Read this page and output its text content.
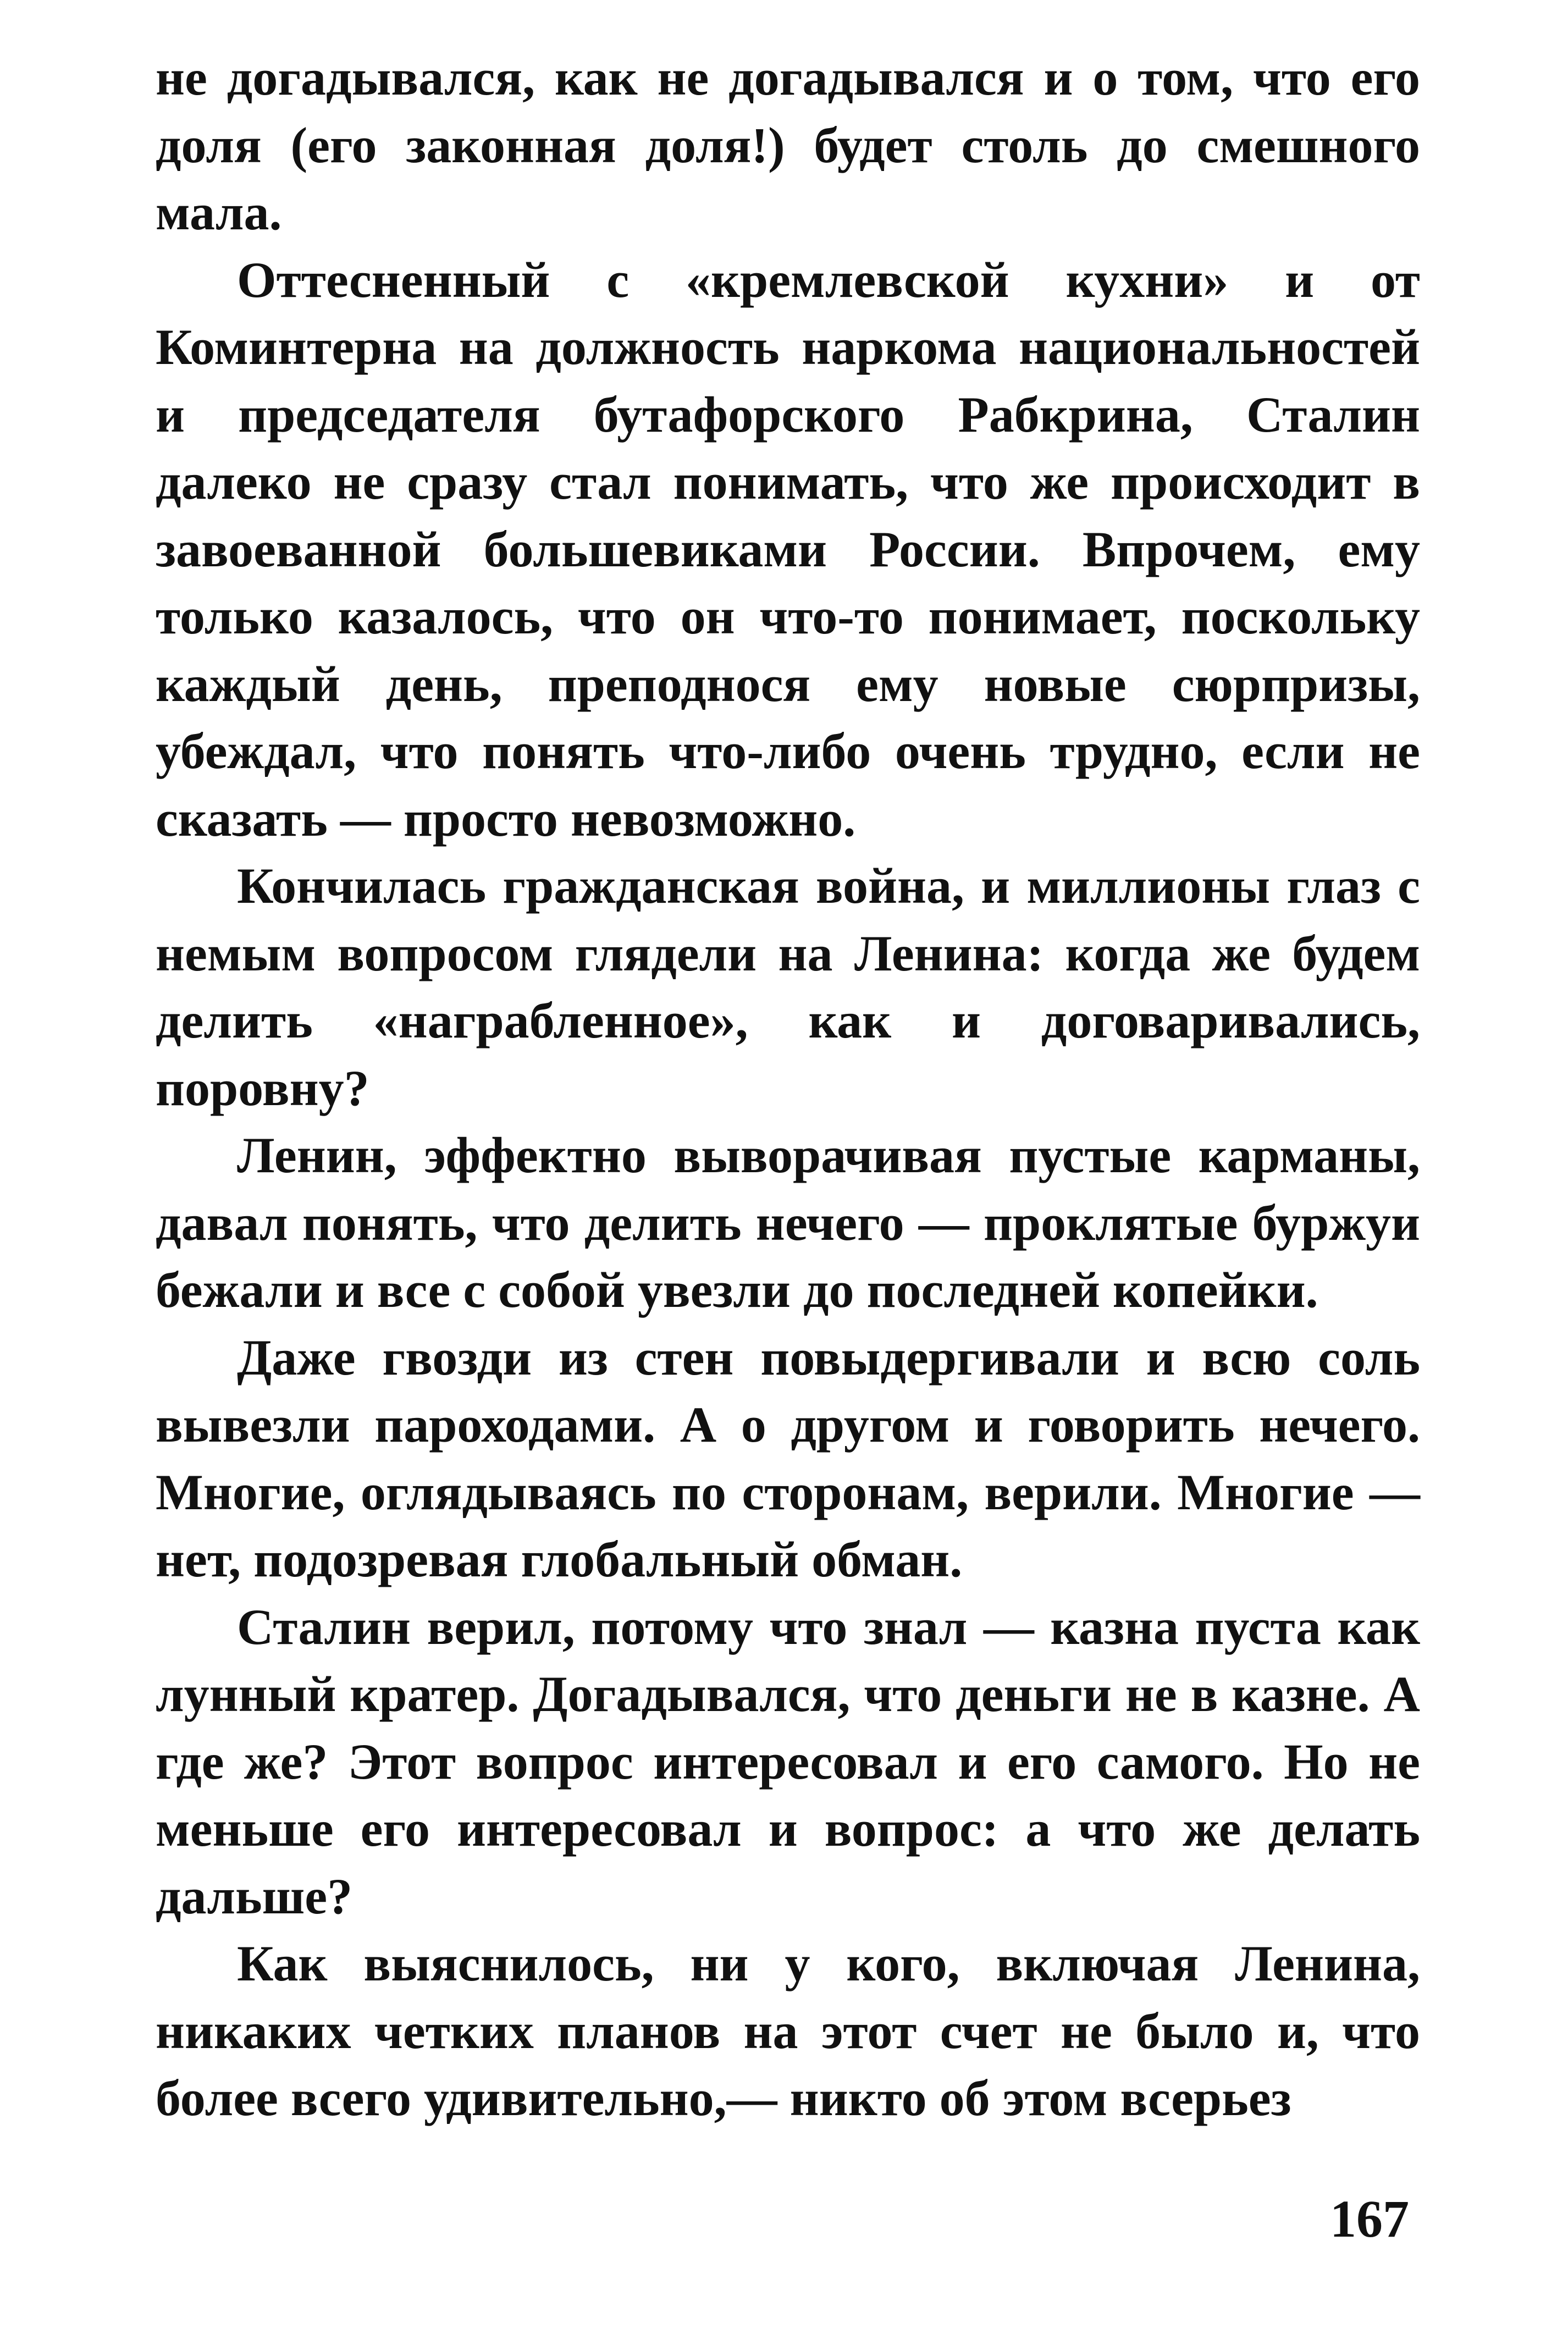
не догадывался, как не догадывался и о том, что его доля (его законная доля!) будет столь до смешного мала.

Оттесненный с «кремлевской кухни» и от Коминтерна на должность наркома национальностей и председателя бутафорского Рабкрина, Сталин далеко не сразу стал понимать, что же происходит в завоеванной большевиками России. Впрочем, ему только казалось, что он что-то понимает, поскольку каждый день, преподнося ему новые сюрпризы, убеждал, что понять что-либо очень трудно, если не сказать — просто невозможно.

Кончилась гражданская война, и миллионы глаз с немым вопросом глядели на Ленина: когда же будем делить «награбленное», как и договаривались, поровну?

Ленин, эффектно выворачивая пустые карманы, давал понять, что делить нечего — проклятые буржуи бежали и все с собой увезли до последней копейки.

Даже гвозди из стен повыдергивали и всю соль вывезли пароходами. А о другом и говорить нечего. Многие, оглядываясь по сторонам, верили. Многие — нет, подозревая глобальный обман.

Сталин верил, потому что знал — казна пуста как лунный кратер. Догадывался, что деньги не в казне. А где же? Этот вопрос интересовал и его самого. Но не меньше его интересовал и вопрос: а что же делать дальше?

Как выяснилось, ни у кого, включая Ленина, никаких четких планов на этот счет не было и, что более всего удивительно,— никто об этом всерьез

167
